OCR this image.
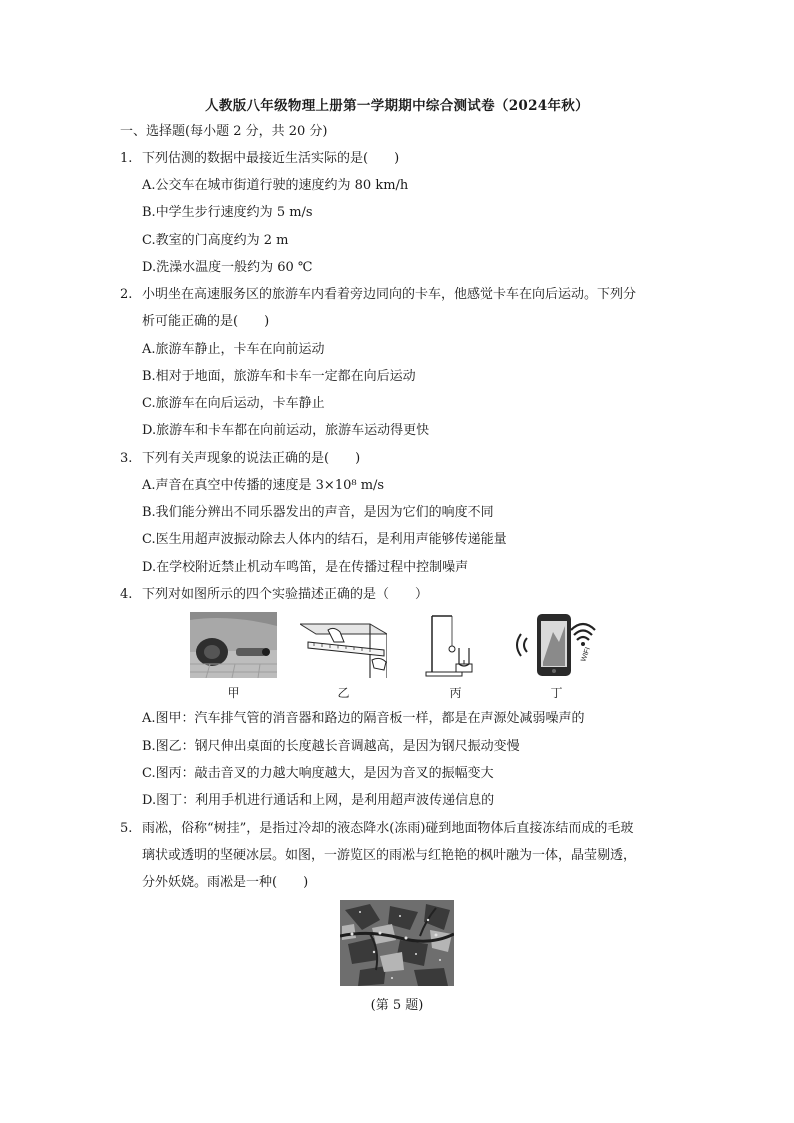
人教版八年级物理上册第一学期期中综合测试卷（2024年秋）
一、选择题(每小题 2 分，共 20 分)
1. 下列估测的数据中最接近生活实际的是(　　)
A.公交车在城市街道行驶的速度约为 80 km/h
B.中学生步行速度约为 5 m/s
C.教室的门高度约为 2 m
D.洗澡水温度一般约为 60 ℃
2. 小明坐在高速服务区的旅游车内看着旁边同向的卡车，他感觉卡车在向后运动。下列分
析可能正确的是(　　)
A.旅游车静止，卡车在向前运动
B.相对于地面，旅游车和卡车一定都在向后运动
C.旅游车在向后运动，卡车静止
D.旅游车和卡车都在向前运动，旅游车运动得更快
3. 下列有关声现象的说法正确的是(　　)
A.声音在真空中传播的速度是 3×10⁸ m/s
B.我们能分辨出不同乐器发出的声音，是因为它们的响度不同
C.医生用超声波振动除去人体内的结石，是利用声能够传递能量
D.在学校附近禁止机动车鸣笛，是在传播过程中控制噪声
4. 下列对如图所示的四个实验描述正确的是（　　）
甲	乙	丙
WIFI
丁
A.图甲：汽车排气管的消音器和路边的隔音板一样，都是在声源处减弱噪声的
B.图乙：钢尺伸出桌面的长度越长音调越高，是因为钢尺振动变慢
C.图丙：敲击音叉的力越大响度越大，是因为音叉的振幅变大
D.图丁：利用手机进行通话和上网，是利用超声波传递信息的
5. 雨凇，俗称“树挂”，是指过冷却的液态降水(冻雨)碰到地面物体后直接冻结而成的毛玻
璃状或透明的坚硬冰层。如图，一游览区的雨凇与红艳艳的枫叶融为一体，晶莹剔透，
分外妖娆。雨凇是一种(　　)
(第 5 题)
